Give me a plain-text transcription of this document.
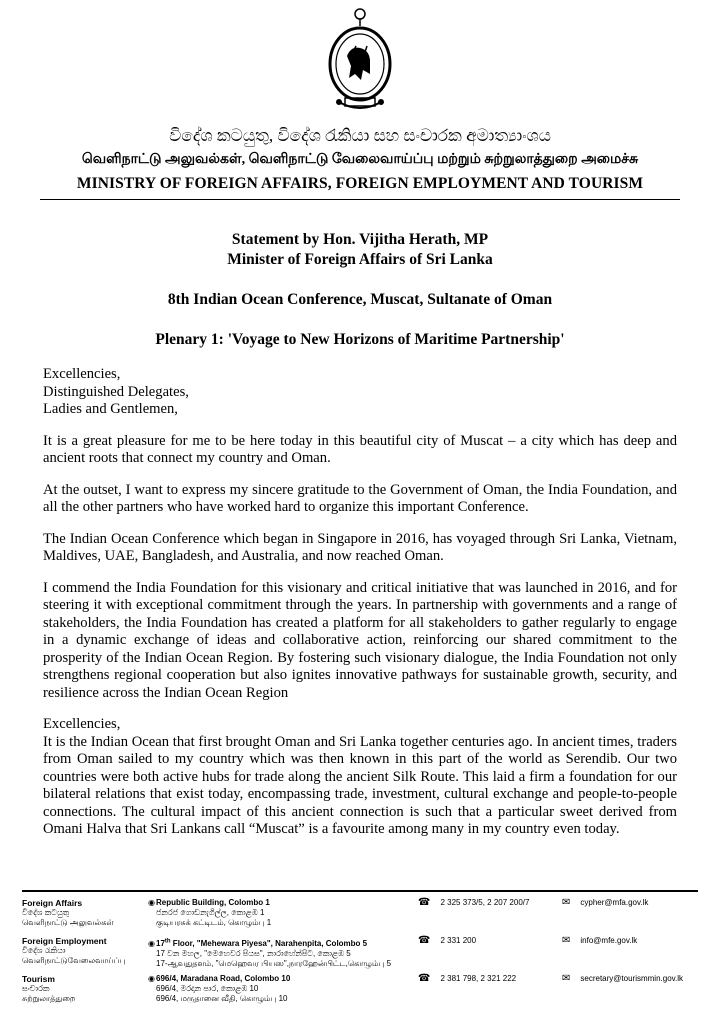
විදේශ කටයුතු, විදේශ රැකියා සහ සංචාරක අමාත්‍යාංශය
வெளிநாட்டு அலுவல்கள், வெளிநாட்டு வேலைவாய்ப்பு மற்றும் சுற்றுலாத்துறை அமைச்சு
MINISTRY OF FOREIGN AFFAIRS, FOREIGN EMPLOYMENT AND TOURISM
Statement by Hon. Vijitha Herath, MP
Minister of Foreign Affairs of Sri Lanka
8th Indian Ocean Conference, Muscat, Sultanate of Oman
Plenary 1: 'Voyage to New Horizons of Maritime Partnership'

Excellencies,
Distinguished Delegates,
Ladies and Gentlemen,

It is a great pleasure for me to be here today in this beautiful city of Muscat – a city which has deep and ancient roots that connect my country and Oman.

At the outset, I want to express my sincere gratitude to the Government of Oman, the India Foundation, and all the other partners who have worked hard to organize this important Conference.

The Indian Ocean Conference which began in Singapore in 2016, has voyaged through Sri Lanka, Vietnam, Maldives, UAE, Bangladesh, and Australia, and now reached Oman.

I commend the India Foundation for this visionary and critical initiative that was launched in 2016, and for steering it with exceptional commitment through the years. In partnership with governments and a range of stakeholders, the India Foundation has created a platform for all stakeholders to gather regularly to engage in a dynamic exchange of ideas and collaborative action, reinforcing our shared commitment to the prosperity of the Indian Ocean Region. By fostering such visionary dialogue, the India Foundation not only strengthens regional cooperation but also ignites innovative pathways for sustainable growth, security, and resilience across the Indian Ocean Region

Excellencies,
It is the Indian Ocean that first brought Oman and Sri Lanka together centuries ago. In ancient times, traders from Oman sailed to my country which was then known in this part of the world as Serendib. Our two countries were both active hubs for trade along the ancient Silk Route. This laid a firm a foundation for our bilateral relations that exist today, encompassing trade, investment, cultural exchange and people-to-people connections. The cultural impact of this ancient connection is such that a particular sweet derived from Omani Halva that Sri Lankans call “Muscat” is a favourite among many in my country even today.

Foreign Affairs
විදේශ කටයුතු
வெளிநாட்டு அலுவல்கள்
◉Republic Building, Colombo 1
ජනරජ ගොඩනැගිල්ල, කොළඹ 1
குடியரசுக் கட்டிடம், கொழும்பு 1
☎ 2 325 373/5, 2 207 200/7	✉ cypher@mfa.gov.lk
Foreign Employment
විදේශ රැකියා
வெளிநாட்டுவேலைவாய்ப்பு
◉17th Floor, "Mehewara Piyesa", Narahenpita, Colombo 5
17 වන මහල, "මෙහෙවර පියස", නාරාහේන්පිට, කොළඹ 5
17-ஆவதுதளம், "மெஹெவர பியஸ",நாரஹேன்பிட்ட,கொழும்பு 5
☎ 2 331 200	✉ info@mfe.gov.lk
Tourism
සංචාරක
சுற்றுலாத்துறை
◉696/4, Maradana Road, Colombo 10
696/4, මරදාන පාර, කොළඹ 10
696/4, மருதானை வீதி, கொழும்பு 10
☎ 2 381 798, 2 321 222	✉ secretary@tourismmin.gov.lk
